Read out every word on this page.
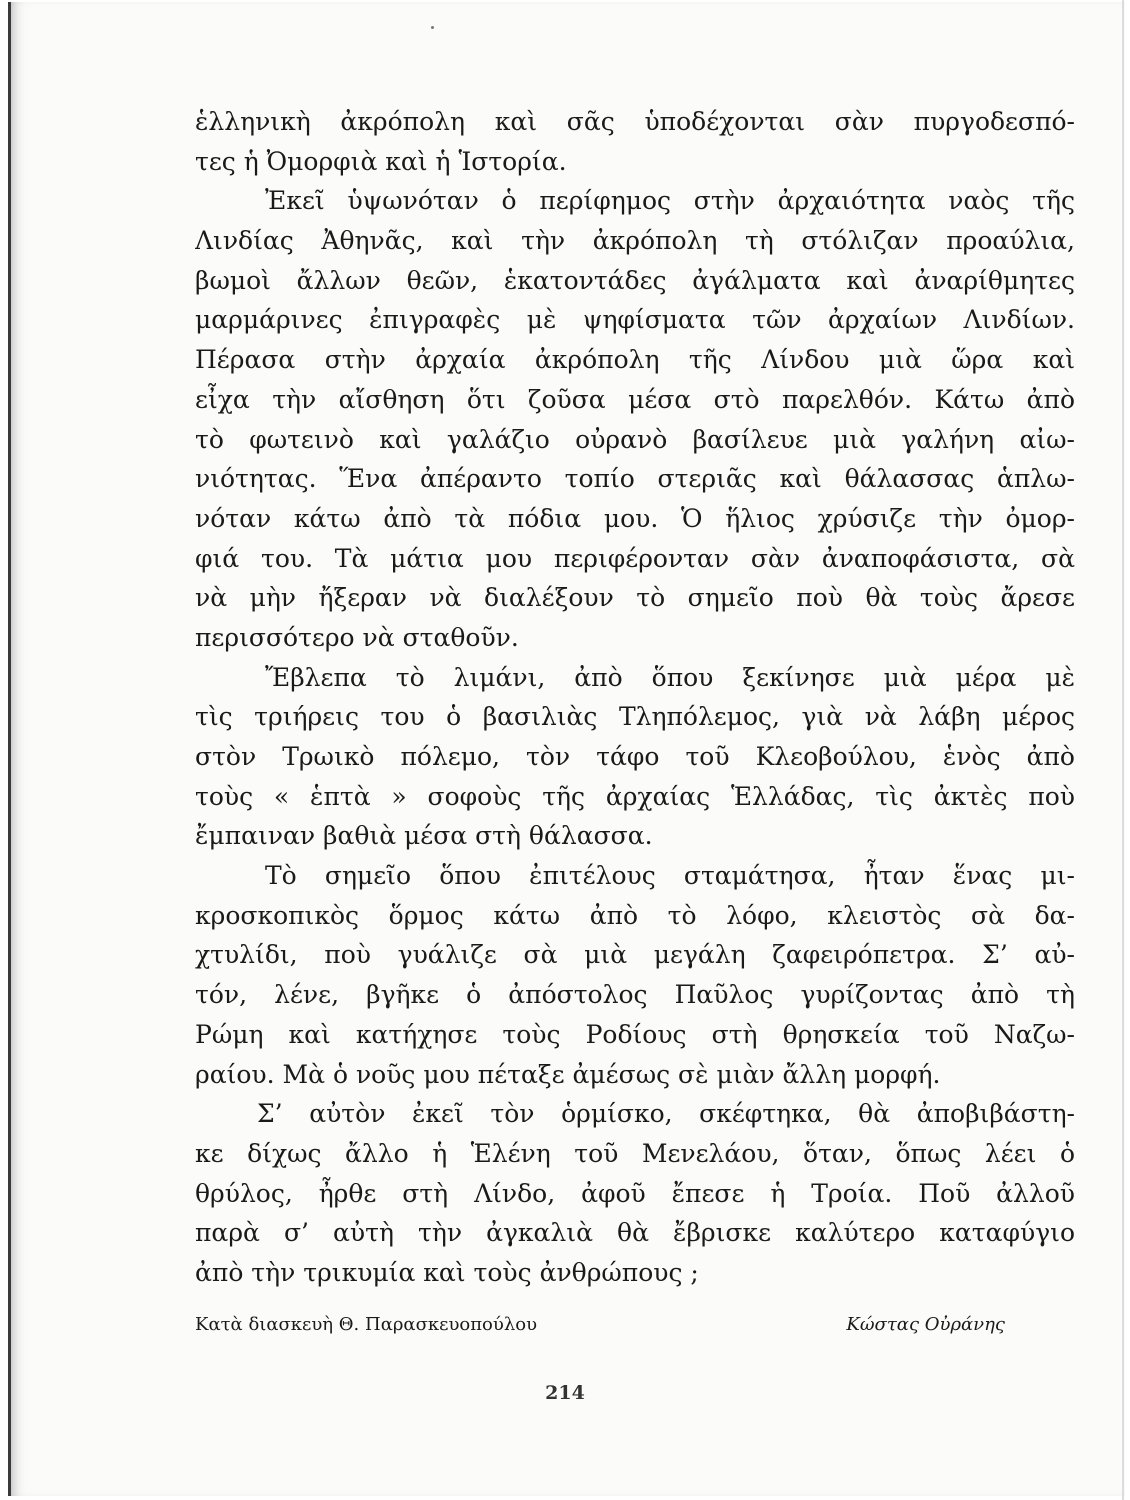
ἑλληνικὴ ἀκρόπολη καὶ σᾶς ὑποδέχονται σὰν πυργοδεσπό-
τες ἡ Ὀμορφιὰ καὶ ἡ Ἱστορία.
Ἐκεῖ ὑψωνόταν ὁ περίφημος στὴν ἀρχαιότητα ναὸς τῆς
Λινδίας Ἀθηνᾶς, καὶ τὴν ἀκρόπολη τὴ στόλιζαν προαύλια,
βωμοὶ ἄλλων θεῶν, ἑκατοντάδες ἀγάλματα καὶ ἀναρίθμητες
μαρμάρινες ἐπιγραφὲς μὲ ψηφίσματα τῶν ἀρχαίων Λινδίων.
Πέρασα στὴν ἀρχαία ἀκρόπολη τῆς Λίνδου μιὰ ὥρα καὶ
εἶχα τὴν αἴσθηση ὅτι ζοῦσα μέσα στὸ παρελθόν. Κάτω ἀπὸ
τὸ φωτεινὸ καὶ γαλάζιο οὐρανὸ βασίλευε μιὰ γαλήνη αἰω-
νιότητας. Ἕνα ἀπέραντο τοπίο στεριᾶς καὶ θάλασσας ἁπλω-
νόταν κάτω ἀπὸ τὰ πόδια μου. Ὁ ἥλιος χρύσιζε τὴν ὀμορ-
φιά του. Τὰ μάτια μου περιφέρονταν σὰν ἀναποφάσιστα, σὰ
νὰ μὴν ἤξεραν νὰ διαλέξουν τὸ σημεῖο ποὺ θὰ τοὺς ἄρεσε
περισσότερο νὰ σταθοῦν.
Ἔβλεπα τὸ λιμάνι, ἀπὸ ὅπου ξεκίνησε μιὰ μέρα μὲ
τὶς τριήρεις του ὁ βασιλιὰς Τληπόλεμος, γιὰ νὰ λάβη μέρος
στὸν Τρωικὸ πόλεμο, τὸν τάφο τοῦ Κλεοβούλου, ἑνὸς ἀπὸ
τοὺς « ἑπτὰ » σοφοὺς τῆς ἀρχαίας Ἑλλάδας, τὶς ἀκτὲς ποὺ
ἔμπαιναν βαθιὰ μέσα στὴ θάλασσα.
Τὸ σημεῖο ὅπου ἐπιτέλους σταμάτησα, ἦταν ἕνας μι-
κροσκοπικὸς ὅρμος κάτω ἀπὸ τὸ λόφο, κλειστὸς σὰ δα-
χτυλίδι, ποὺ γυάλιζε σὰ μιὰ μεγάλη ζαφειρόπετρα. Σ’ αὐ-
τόν, λένε, βγῆκε ὁ ἀπόστολος Παῦλος γυρίζοντας ἀπὸ τὴ
Ρώμη καὶ κατήχησε τοὺς Ροδίους στὴ θρησκεία τοῦ Ναζω-
ραίου. Μὰ ὁ νοῦς μου πέταξε ἀμέσως σὲ μιὰν ἄλλη μορφή.
Σ’ αὐτὸν ἐκεῖ τὸν ὁρμίσκο, σκέφτηκα, θὰ ἀποβιβάστη-
κε δίχως ἄλλο ἡ Ἑλένη τοῦ Μενελάου, ὅταν, ὅπως λέει ὁ
θρύλος, ἦρθε στὴ Λίνδο, ἀφοῦ ἔπεσε ἡ Τροία. Ποῦ ἀλλοῦ
παρὰ σ’ αὐτὴ τὴν ἀγκαλιὰ θὰ ἔβρισκε καλύτερο καταφύγιο
ἀπὸ τὴν τρικυμία καὶ τοὺς ἀνθρώπους ;
Κατὰ διασκευὴ Θ. Παρασκευοπούλου	Κώστας Οὐράνης
214
